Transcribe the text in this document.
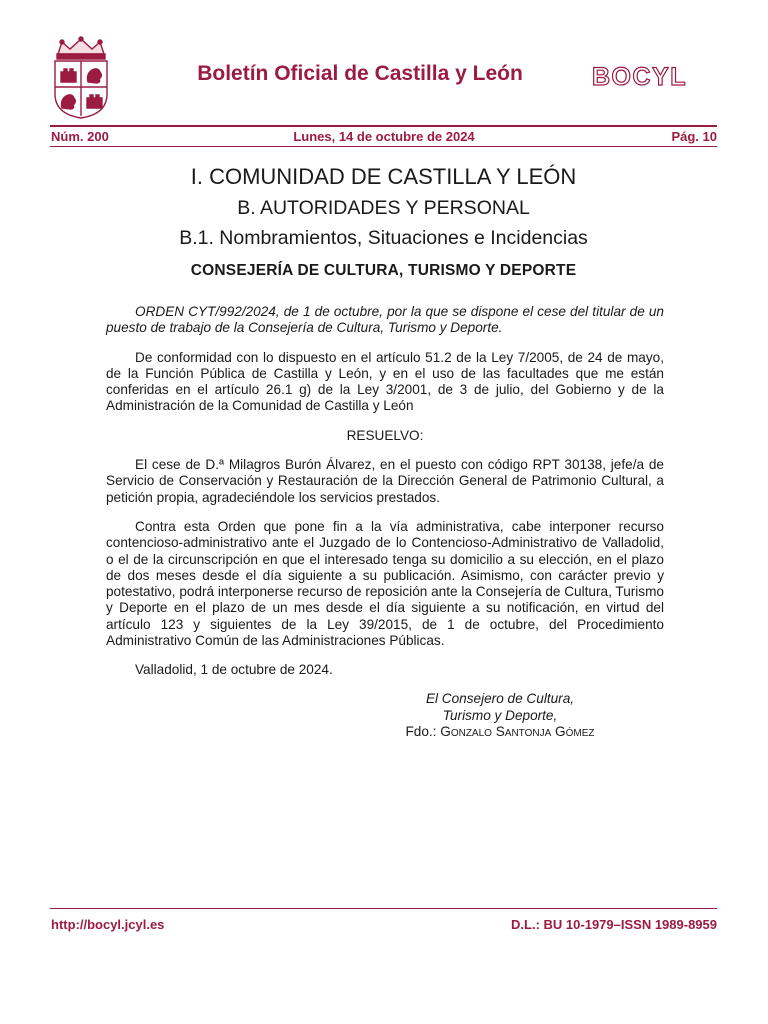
Boletín Oficial de Castilla y León	BOCYL
Núm. 200	Lunes, 14 de octubre de 2024	Pág. 10
I. COMUNIDAD DE CASTILLA Y LEÓN
B. AUTORIDADES Y PERSONAL
B.1. Nombramientos, Situaciones e Incidencias
CONSEJERÍA DE CULTURA, TURISMO Y DEPORTE

ORDEN CYT/992/2024, de 1 de octubre, por la que se dispone el cese del titular de un puesto de trabajo de la Consejería de Cultura, Turismo y Deporte.

De conformidad con lo dispuesto en el artículo 51.2 de la Ley 7/2005, de 24 de mayo, de la Función Pública de Castilla y León, y en el uso de las facultades que me están conferidas en el artículo 26.1 g) de la Ley 3/2001, de 3 de julio, del Gobierno y de la Administración de la Comunidad de Castilla y León

RESUELVO:

El cese de D.ª Milagros Burón Álvarez, en el puesto con código RPT 30138, jefe/a de Servicio de Conservación y Restauración de la Dirección General de Patrimonio Cultural, a petición propia, agradeciéndole los servicios prestados.

Contra esta Orden que pone fin a la vía administrativa, cabe interponer recurso contencioso-administrativo ante el Juzgado de lo Contencioso-Administrativo de Valladolid, o el de la circunscripción en que el interesado tenga su domicilio a su elección, en el plazo de dos meses desde el día siguiente a su publicación. Asimismo, con carácter previo y potestativo, podrá interponerse recurso de reposición ante la Consejería de Cultura, Turismo y Deporte en el plazo de un mes desde el día siguiente a su notificación, en virtud del artículo 123 y siguientes de la Ley 39/2015, de 1 de octubre, del Procedimiento Administrativo Común de las Administraciones Públicas.

Valladolid, 1 de octubre de 2024.

El Consejero de Cultura,
Turismo y Deporte,
Fdo.: Gonzalo Santonja Gómez
http://bocyl.jcyl.es	D.L.: BU 10-1979–ISSN 1989-8959
